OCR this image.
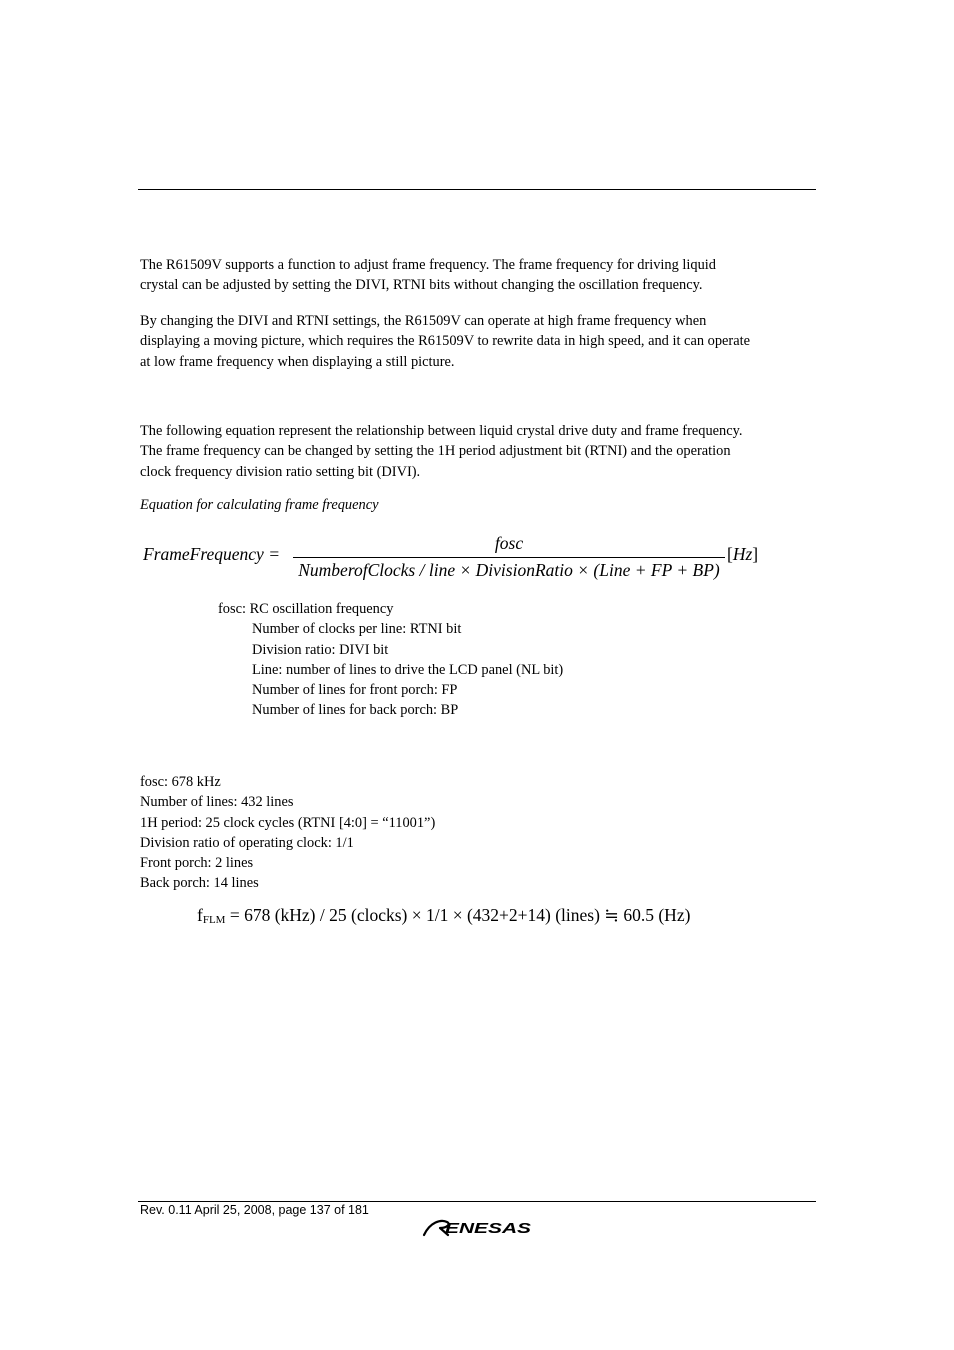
The R61509V supports a function to adjust frame frequency. The frame frequency for driving liquid
crystal can be adjusted by setting the DIVI, RTNI bits without changing the oscillation frequency.

By changing the DIVI and RTNI settings, the R61509V can operate at high frame frequency when
displaying a moving picture, which requires the R61509V to rewrite data in high speed, and it can operate
at low frame frequency when displaying a still picture.

The following equation represent the relationship between liquid crystal drive duty and frame frequency.
The frame frequency can be changed by setting the 1H period adjustment bit (RTNI) and the operation
clock frequency division ratio setting bit (DIVI).

Equation for calculating frame frequency

FrameFrequency =
fosc
NumberofClocks / line × DivisionRatio × (Line + FP + BP)
[Hz]
fosc: RC oscillation frequency
Number of clocks per line: RTNI bit
Division ratio: DIVI bit
Line: number of lines to drive the LCD panel (NL bit)
Number of lines for front porch: FP
Number of lines for back porch: BP
fosc: 678 kHz
Number of lines: 432 lines
1H period: 25 clock cycles (RTNI [4:0] = “11001”)
Division ratio of operating clock: 1/1
Front porch: 2 lines
Back porch: 14 lines
$f_{FLM} = 678$ (kHz) / 25 (clocks) × 1/1 × (432+2+14) (lines) ≒ 60.5 (Hz)
Rev. 0.11 April 25, 2008, page 137 of 181
ENESAS
